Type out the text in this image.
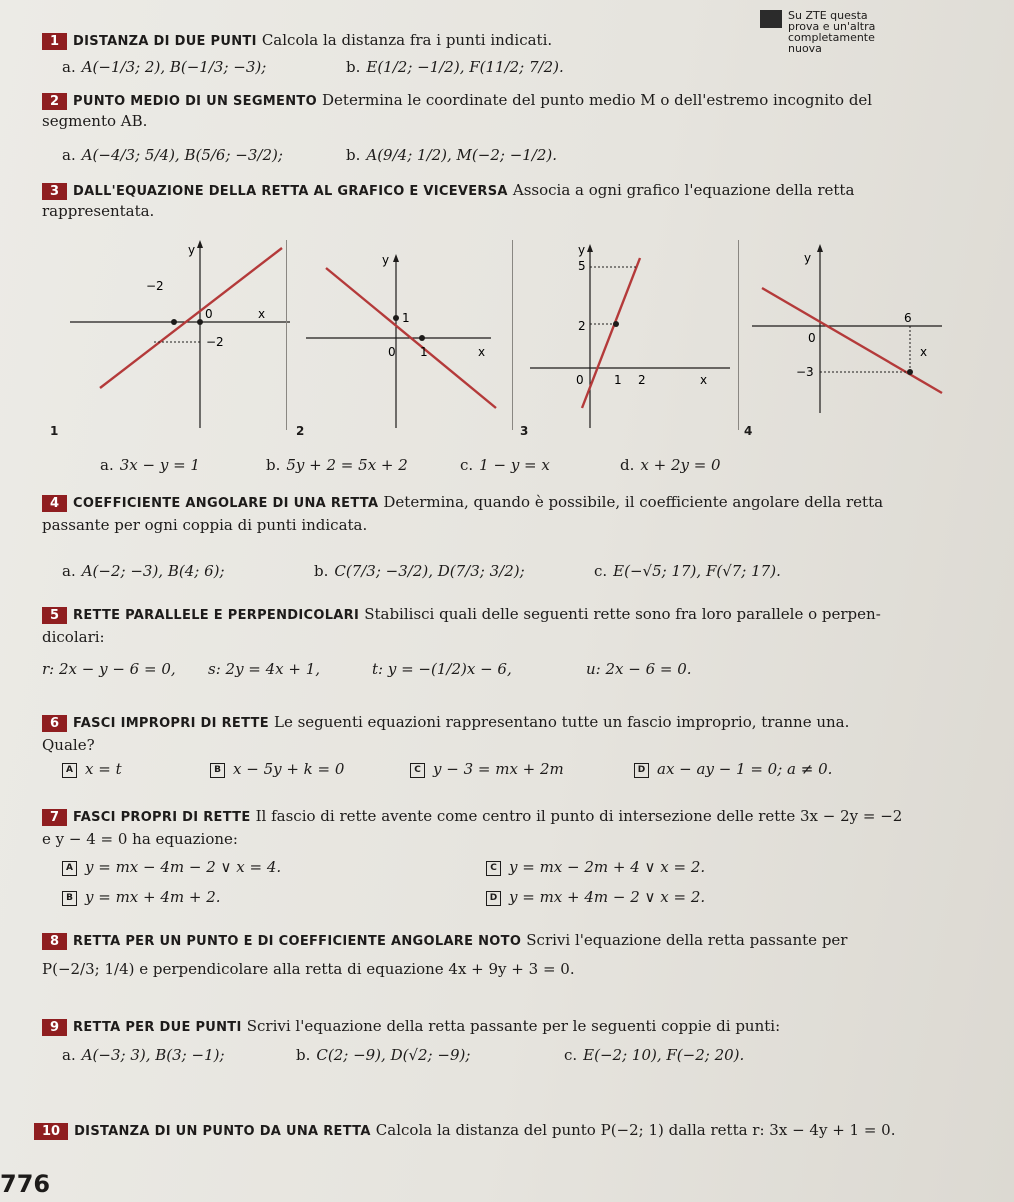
Su ZTE questa
prova e un'altra
completamente
nuova
1 DISTANZA DI DUE PUNTI Calcola la distanza fra i punti indicati.
a. A(−1/3; 2), B(−1/3; −3);	b. E(1/2; −1/2), F(11/2; 7/2).
2 PUNTO MEDIO DI UN SEGMENTO Determina le coordinate del punto medio M o dell'estremo incognito del
segmento AB.
a. A(−4/3; 5/4), B(5/6; −3/2);	b. A(9/4; 1/2), M(−2; −1/2).
3 DALL'EQUAZIONE DELLA RETTA AL GRAFICO E VICEVERSA Associa a ogni grafico l'equazione della retta
rappresentata.
y
−2
0	x
−2
1
y
1
0 1	x
2
y
5
2
0	1 2	x
3
y
6
0
x
−3
4
a. 3x − y = 1	b. 5y + 2 = 5x + 2	c. 1 − y = x	d. x + 2y = 0
4 COEFFICIENTE ANGOLARE DI UNA RETTA Determina, quando è possibile, il coefficiente angolare della retta
passante per ogni coppia di punti indicata.
a. A(−2; −3), B(4; 6);	b. C(7/3; −3/2), D(7/3; 3/2);	c. E(−√5; 17), F(√7; 17).
5 RETTE PARALLELE E PERPENDICOLARI Stabilisci quali delle seguenti rette sono fra loro parallele o perpen-
dicolari:
r: 2x − y − 6 = 0, s: 2y = 4x + 1,	t: y = −(1/2)x − 6,	u: 2x − 6 = 0.
6 FASCI IMPROPRI DI RETTE Le seguenti equazioni rappresentano tutte un fascio improprio, tranne una.
Quale?
A x = t	B x − 5y + k = 0	C y − 3 = mx + 2m	D ax − ay − 1 = 0; a ≠ 0.
7 FASCI PROPRI DI RETTE Il fascio di rette avente come centro il punto di intersezione delle rette 3x − 2y = −2
e y − 4 = 0 ha equazione:
A y = mx − 4m − 2 ∨ x = 4.
B y = mx + 4m + 2.
C y = mx − 2m + 4 ∨ x = 2.
D y = mx + 4m − 2 ∨ x = 2.
8 RETTA PER UN PUNTO E DI COEFFICIENTE ANGOLARE NOTO Scrivi l'equazione della retta passante per
P(−2/3; 1/4) e perpendicolare alla retta di equazione 4x + 9y + 3 = 0.
9 RETTA PER DUE PUNTI Scrivi l'equazione della retta passante per le seguenti coppie di punti:
a. A(−3; 3), B(3; −1);	b. C(2; −9), D(√2; −9);	c. E(−2; 10), F(−2; 20).
10 DISTANZA DI UN PUNTO DA UNA RETTA Calcola la distanza del punto P(−2; 1) dalla retta r: 3x − 4y + 1 = 0.
776
